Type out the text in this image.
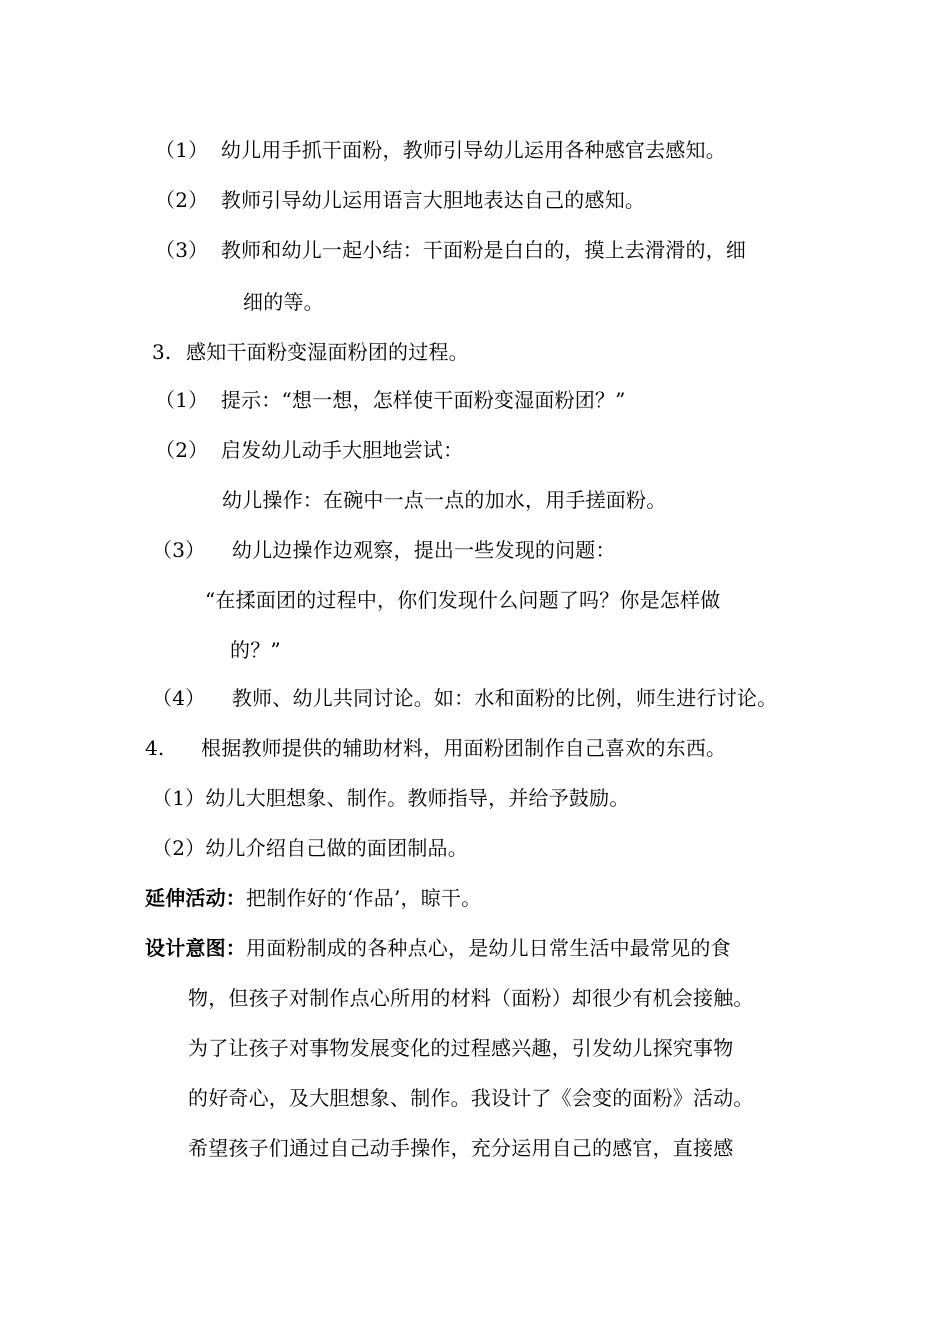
（1） 幼儿用手抓干面粉，教师引导幼儿运用各种感官去感知。
（2） 教师引导幼儿运用语言大胆地表达自己的感知。
（3） 教师和幼儿一起小结：干面粉是白白的，摸上去滑滑的，细
细的等。
3. 感知干面粉变湿面粉团的过程。
（1） 提示：“想一想，怎样使干面粉变湿面粉团？”
（2） 启发幼儿动手大胆地尝试：
幼儿操作：在碗中一点一点的加水，用手搓面粉。
（3） 幼儿边操作边观察，提出一些发现的问题：
“在揉面团的过程中，你们发现什么问题了吗？你是怎样做
的？”
（4） 教师、幼儿共同讨论。如：水和面粉的比例，师生进行讨论。
4. 根据教师提供的辅助材料，用面粉团制作自己喜欢的东西。
（1）幼儿大胆想象、制作。教师指导，并给予鼓励。
（2）幼儿介绍自己做的面团制品。
延伸活动：把制作好的‘作品’，晾干。
设计意图：用面粉制成的各种点心，是幼儿日常生活中最常见的食
物，但孩子对制作点心所用的材料（面粉）却很少有机会接触。
为了让孩子对事物发展变化的过程感兴趣，引发幼儿探究事物
的好奇心，及大胆想象、制作。我设计了《会变的面粉》活动。
希望孩子们通过自己动手操作，充分运用自己的感官，直接感
